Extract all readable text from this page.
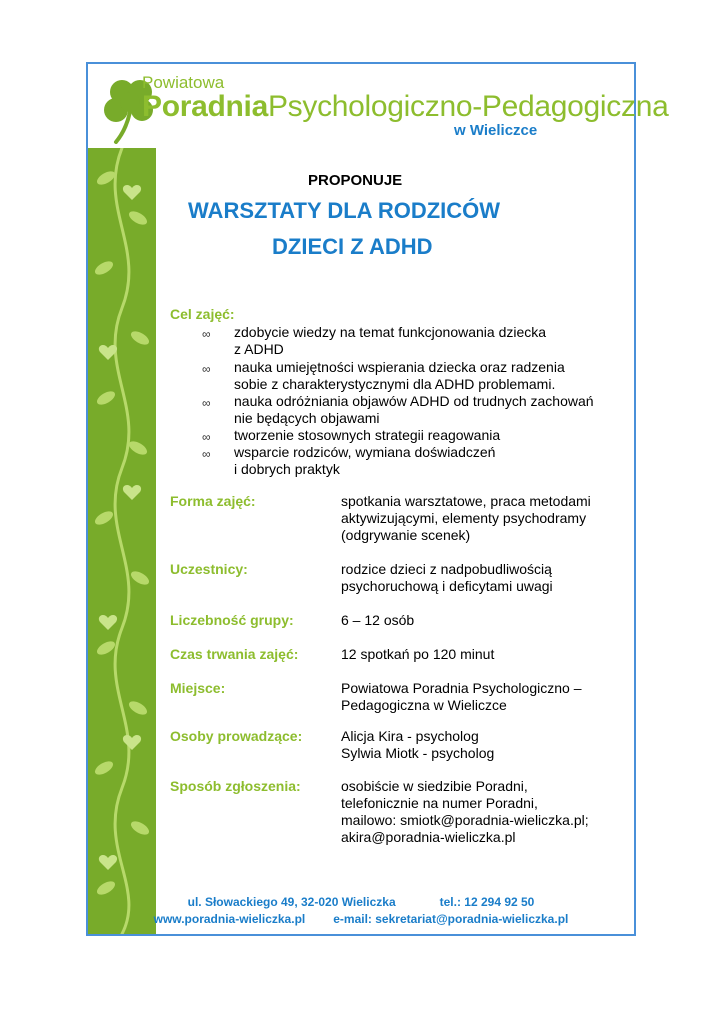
Powiatowa
PoradniaPsychologiczno-Pedagogiczna
w Wieliczce
PROPONUJE
WARSZTATY DLA RODZICÓW
DZIECI Z ADHD
Cel zajęć:
∞ zdobycie wiedzy na temat funkcjonowania dziecka
z ADHD
∞ nauka umiejętności wspierania dziecka oraz radzenia
sobie z charakterystycznymi dla ADHD problemami.
∞ nauka odróżniania objawów ADHD od trudnych zachowań
nie będących objawami
∞ tworzenie stosownych strategii reagowania
∞ wsparcie rodziców, wymiana doświadczeń
i dobrych praktyk
Forma zajęć:	spotkania warsztatowe, praca metodami
aktywizującymi, elementy psychodramy
(odgrywanie scenek)
Uczestnicy:	rodzice dzieci z nadpobudliwością
psychoruchową i deficytami uwagi
Liczebność grupy:	6 – 12 osób
Czas trwania zajęć:	12 spotkań po 120 minut
Miejsce:	Powiatowa Poradnia Psychologiczno –
Pedagogiczna w Wieliczce
Osoby prowadzące:	Alicja Kira - psycholog
Sylwia Miotk - psycholog
Sposób zgłoszenia:	osobiście w siedzibie Poradni,
telefonicznie na numer Poradni,
mailowo: smiotk@poradnia-wieliczka.pl;
akira@poradnia-wieliczka.pl
ul. Słowackiego 49, 32-020 Wieliczka	tel.: 12 294 92 50
www.poradnia-wieliczka.pl e-mail: sekretariat@poradnia-wieliczka.pl
